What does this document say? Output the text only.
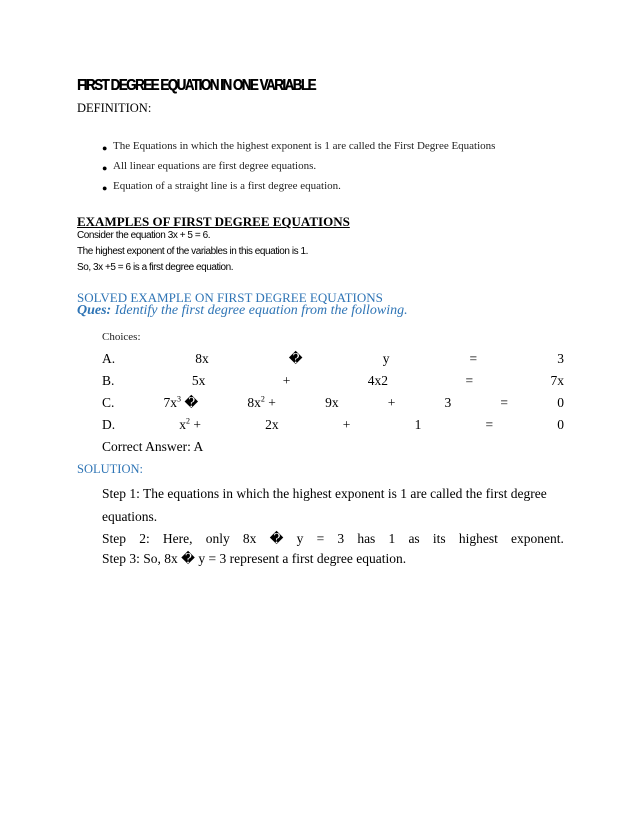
FIRST DEGREE EQUATION IN ONE VARIABLE
DEFINITION:
● The Equations in which the highest exponent is 1 are called the First Degree Equations
● All linear equations are first degree equations.
● Equation of a straight line is a first degree equation.
EXAMPLES OF FIRST DEGREE EQUATIONS
Consider the equation 3x + 5 = 6.
The highest exponent of the variables in this equation is 1.
So, 3x +5 = 6 is a first degree equation.
SOLVED EXAMPLE ON FIRST DEGREE EQUATIONS
Ques: Identify the first degree equation from the following.
Choices:
A.	8x	�	y	=	3
B.	5x	+	4x2	=	7x
C.	$7x^3$ �	$8x^2$ +	9x	+	3	=	0
D.	$x^2$ +	2x	+	1	=	0
Correct Answer: A
SOLUTION:
Step 1: The equations in which the highest exponent is 1 are called the first degree
equations.
Step 2: Here, only 8x � y = 3 has 1 as its highest exponent.
Step 3: So, 8x � y = 3 represent a first degree equation.
